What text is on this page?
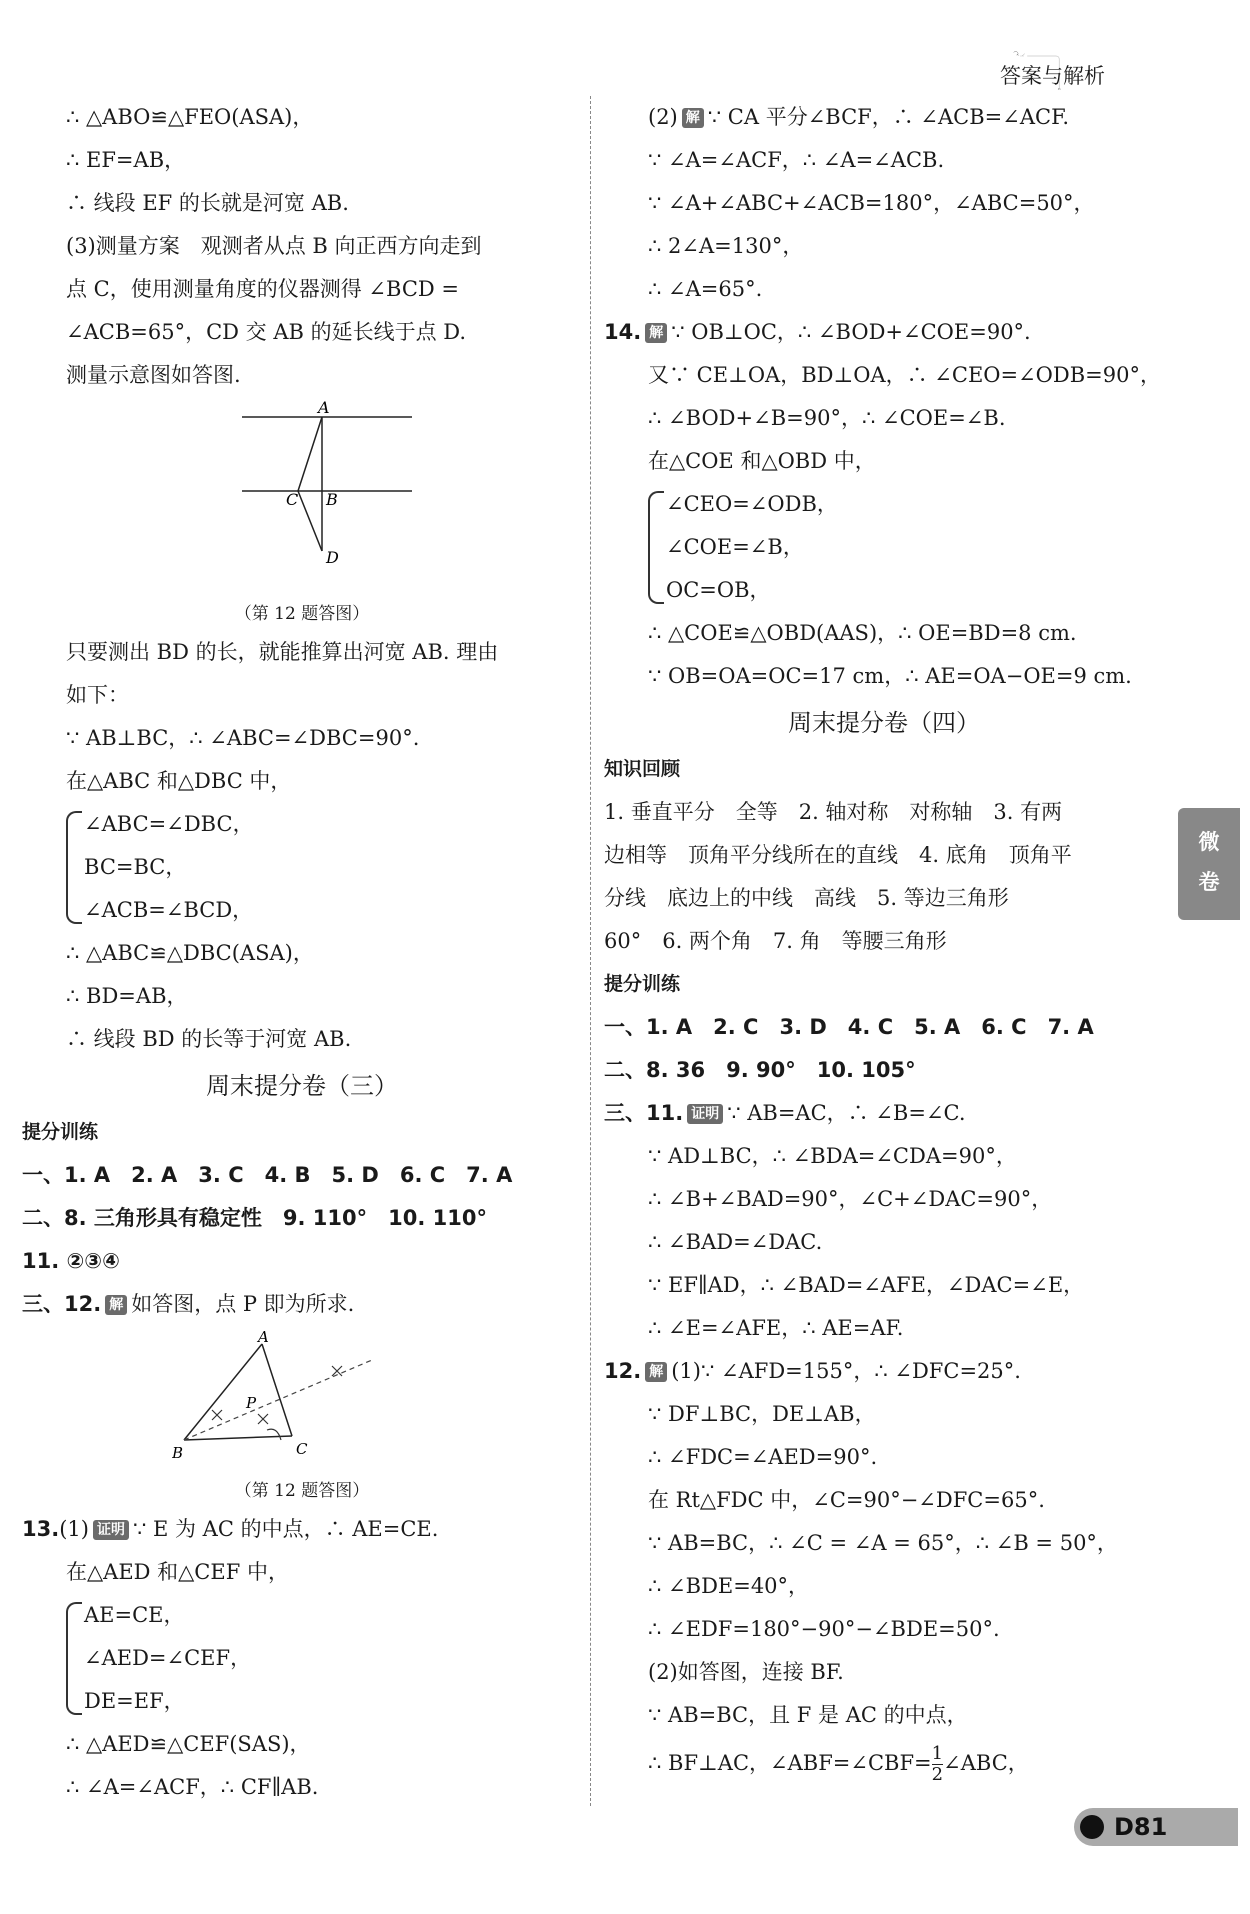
答案与解析
∴ △ABO≌△FEO(ASA)，
∴ EF=AB，
∴ 线段 EF 的长就是河宽 AB.
(3)测量方案　观测者从点 B 向正西方向走到
点 C，使用测量角度的仪器测得 ∠BCD =
∠ACB=65°，CD 交 AB 的延长线于点 D.
测量示意图如答图.
A
C B
D
（第 12 题答图）
只要测出 BD 的长，就能推算出河宽 AB. 理由
如下：
∵ AB⊥BC，∴ ∠ABC=∠DBC=90°.
在△ABC 和△DBC 中，
∠ABC=∠DBC，
BC=BC，
∠ACB=∠BCD，
∴ △ABC≌△DBC(ASA)，
∴ BD=AB，
∴ 线段 BD 的长等于河宽 AB.
周末提分卷（三）
提分训练
一、1. A　2. A　3. C　4. B　5. D　6. C　7. A
二、8. 三角形具有稳定性　9. 110°　10. 110°
11. ②③④
三、12. 解 如答图，点 P 即为所求.
A
P
B	C
（第 12 题答图）
13.(1) 证明 ∵ E 为 AC 的中点，∴ AE=CE.
在△AED 和△CEF 中，
AE=CE，
∠AED=∠CEF，
DE=EF，
∴ △AED≌△CEF(SAS)，
∴ ∠A=∠ACF，∴ CF∥AB.
(2) 解 ∵ CA 平分∠BCF，∴ ∠ACB=∠ACF.
∵ ∠A=∠ACF，∴ ∠A=∠ACB.
∵ ∠A+∠ABC+∠ACB=180°，∠ABC=50°，
∴ 2∠A=130°，
∴ ∠A=65°.
14. 解 ∵ OB⊥OC，∴ ∠BOD+∠COE=90°.
又∵ CE⊥OA，BD⊥OA，∴ ∠CEO=∠ODB=90°，
∴ ∠BOD+∠B=90°，∴ ∠COE=∠B.
在△COE 和△OBD 中，
∠CEO=∠ODB，
∠COE=∠B，
OC=OB，
∴ △COE≌△OBD(AAS)，∴ OE=BD=8 cm.
∵ OB=OA=OC=17 cm，∴ AE=OA−OE=9 cm.
周末提分卷（四）
知识回顾
1. 垂直平分　全等　2. 轴对称　对称轴　3. 有两
边相等　顶角平分线所在的直线　4. 底角　顶角平
分线　底边上的中线　高线　5. 等边三角形
60°　6. 两个角　7. 角　等腰三角形
提分训练
一、1. A　2. C　3. D　4. C　5. A　6. C　7. A
二、8. 36　9. 90°　10. 105°
三、11. 证明 ∵ AB=AC，∴ ∠B=∠C.
∵ AD⊥BC，∴ ∠BDA=∠CDA=90°，
∴ ∠B+∠BAD=90°，∠C+∠DAC=90°，
∴ ∠BAD=∠DAC.
∵ EF∥AD，∴ ∠BAD=∠AFE，∠DAC=∠E，
∴ ∠E=∠AFE，∴ AE=AF.
12. 解 (1)∵ ∠AFD=155°，∴ ∠DFC=25°.
∵ DF⊥BC，DE⊥AB，
∴ ∠FDC=∠AED=90°.
在 Rt△FDC 中，∠C=90°−∠DFC=65°.
∵ AB=BC，∴ ∠C = ∠A = 65°，∴ ∠B = 50°，
∴ ∠BDE=40°，
∴ ∠EDF=180°−90°−∠BDE=50°.
(2)如答图，连接 BF.
∵ AB=BC，且 F 是 AC 的中点，
∴ BF⊥AC，∠ABF=∠CBF= $\frac{1}{2}$ ∠ABC，
微
卷
D81
